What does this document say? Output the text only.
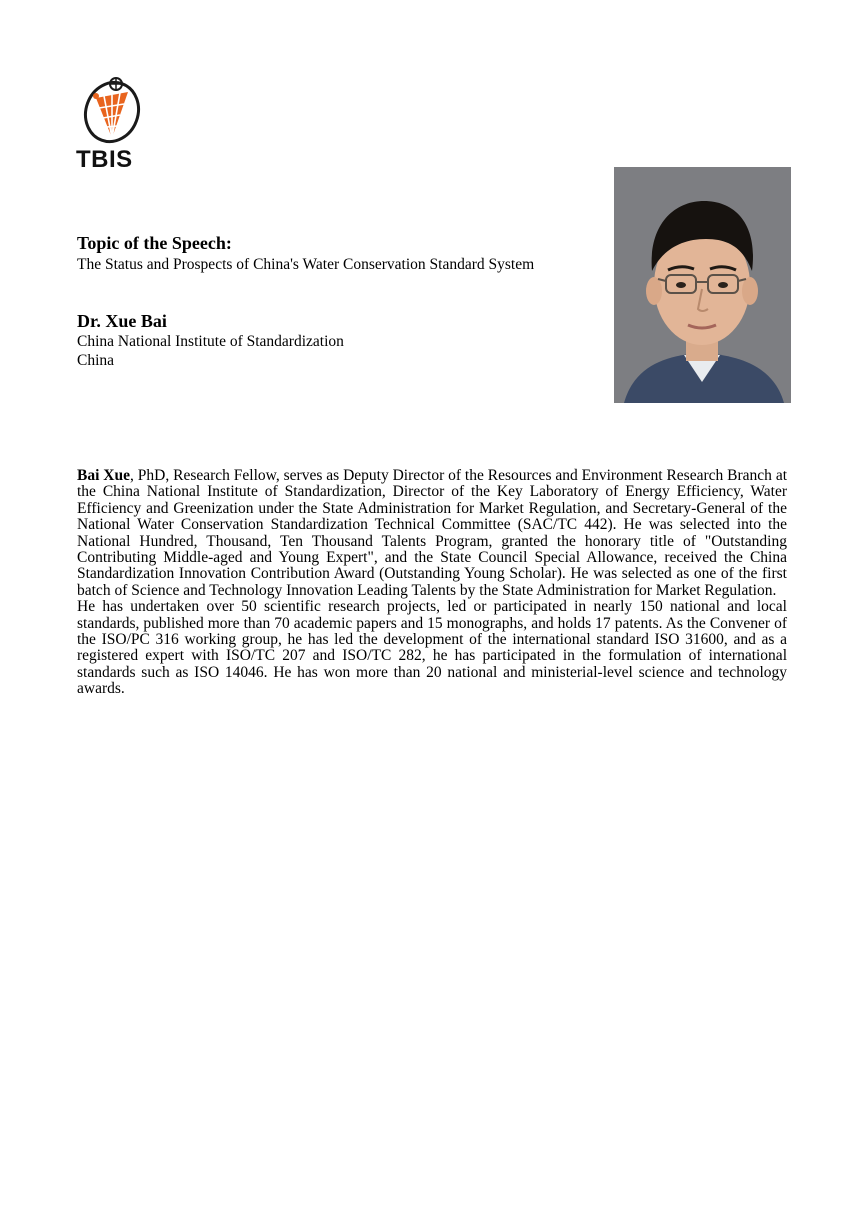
TBIS

Topic of the Speech:

The Status and Prospects of China's Water Conservation Standard System

Dr. Xue Bai

China National Institute of Standardization

China

Bai Xue, PhD, Research Fellow, serves as Deputy Director of the Resources and Environment Research Branch at the China National Institute of Standardization, Director of the Key Laboratory of Energy Efficiency, Water Efficiency and Greenization under the State Administration for Market Regulation, and Secretary-General of the National Water Conservation Standardization Technical Committee (SAC/TC 442). He was selected into the National Hundred, Thousand, Ten Thousand Talents Program, granted the honorary title of "Outstanding Contributing Middle-aged and Young Expert", and the State Council Special Allowance, received the China Standardization Innovation Contribution Award (Outstanding Young Scholar). He was selected as one of the first batch of Science and Technology Innovation Leading Talents by the State Administration for Market Regulation.

He has undertaken over 50 scientific research projects, led or participated in nearly 150 national and local standards, published more than 70 academic papers and 15 monographs, and holds 17 patents. As the Convener of the ISO/PC 316 working group, he has led the development of the international standard ISO 31600, and as a registered expert with ISO/TC 207 and ISO/TC 282, he has participated in the formulation of international standards such as ISO 14046. He has won more than 20 national and ministerial-level science and technology awards.
